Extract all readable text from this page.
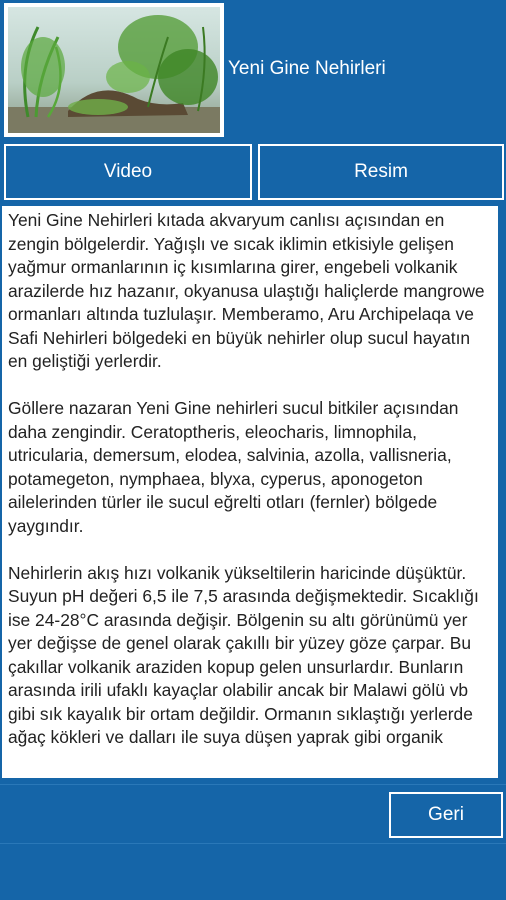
Yeni Gine Nehirleri
Video	Resim

Yeni Gine Nehirleri kıtada akvaryum canlısı açısından en zengin bölgelerdir. Yağışlı ve sıcak iklimin etkisiyle gelişen yağmur ormanlarının iç kısımlarına girer, engebeli volkanik arazilerde hız hazanır, okyanusa ulaştığı haliçlerde mangrowe ormanları altında tuzlulaşır. Memberamo, Aru Archipelaqa ve Safi Nehirleri bölgedeki en büyük nehirler olup sucul hayatın en geliştiği yerlerdir.

Göllere nazaran Yeni Gine nehirleri sucul bitkiler açısından daha zengindir. Ceratoptheris, eleocharis, limnophila, utricularia, demersum, elodea, salvinia, azolla, vallisneria, potamegeton, nymphaea, blyxa, cyperus, aponogeton ailelerinden türler ile sucul eğrelti otları (fernler) bölgede yaygındır.

Nehirlerin akış hızı volkanik yükseltilerin haricinde düşüktür. Suyun pH değeri 6,5 ile 7,5 arasında değişmektedir. Sıcaklığı ise 24-28°C arasında değişir. Bölgenin su altı görünümü yer yer değişse de genel olarak çakıllı bir yüzey göze çarpar. Bu çakıllar volkanik araziden kopup gelen unsurlardır. Bunların arasında irili ufaklı kayaçlar olabilir ancak bir Malawi gölü vb gibi sık kayalık bir ortam değildir. Ormanın sıklaştığı yerlerde ağaç kökleri ve dalları ile suya düşen yaprak gibi organik

Geri
